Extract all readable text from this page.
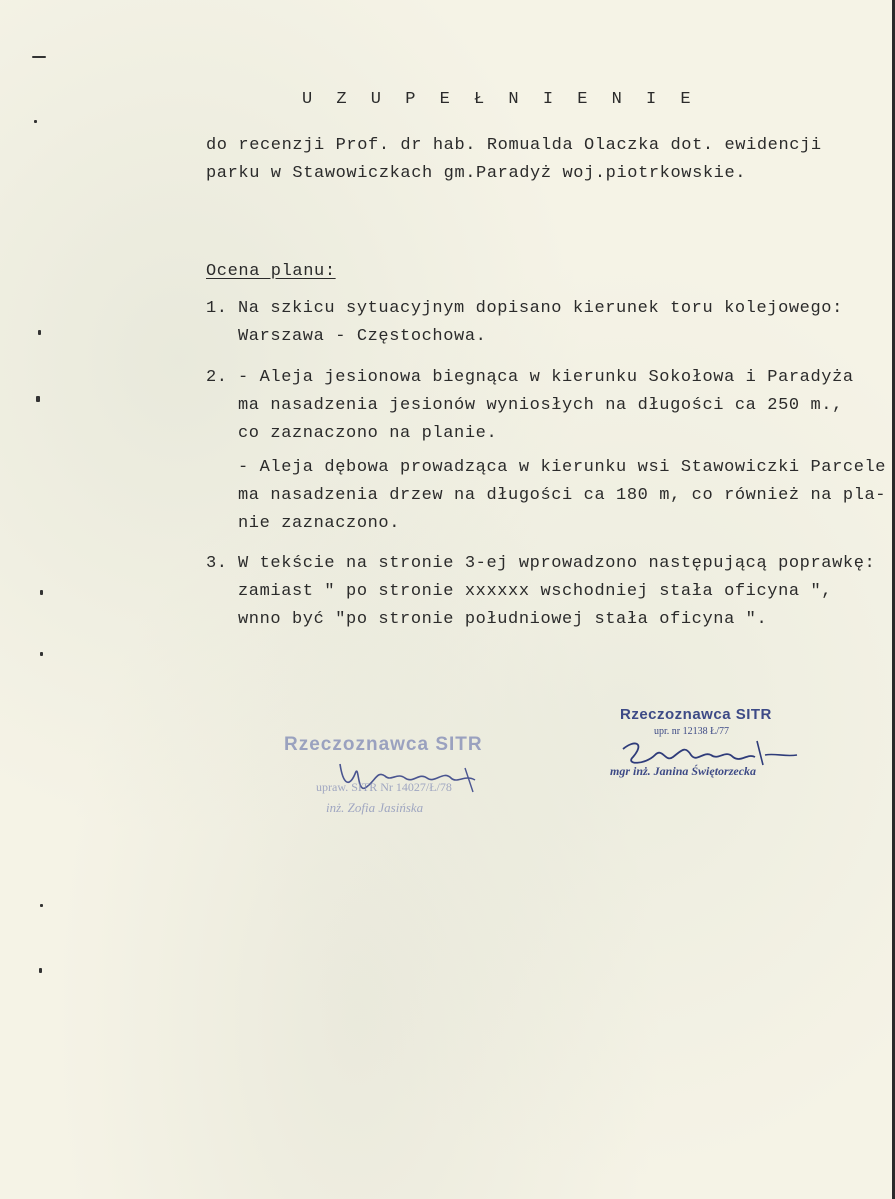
U Z U P E Ł N I E N I E
do recenzji Prof. dr hab. Romualda Olaczka dot. ewidencji
parku w Stawowiczkach gm.Paradyż woj.piotrkowskie.
Ocena planu:
1. Na szkicu sytuacyjnym dopisano kierunek toru kolejowego:
Warszawa - Częstochowa.
2. - Aleja jesionowa biegnąca w kierunku Sokołowa i Paradyża
ma nasadzenia jesionów wyniosłych na długości ca 250 m.,
co zaznaczono na planie.
- Aleja dębowa prowadząca w kierunku wsi Stawowiczki Parcele
ma nasadzenia drzew na długości ca 180 m, co również na pla-
nie zaznaczono.
3. W tekście na stronie 3-ej wprowadzono następującą poprawkę:
zamiast " po stronie xxxxxx wschodniej stała oficyna ",
wnno być "po stronie południowej stała oficyna ".
Rzeczoznawca SITR
upraw. SITR Nr 14027/Ł/78
inż. Zofia Jasińska
Rzeczoznawca SITR
upr. nr 12138 Ł/77
mgr inż. Janina Świętorzecka
